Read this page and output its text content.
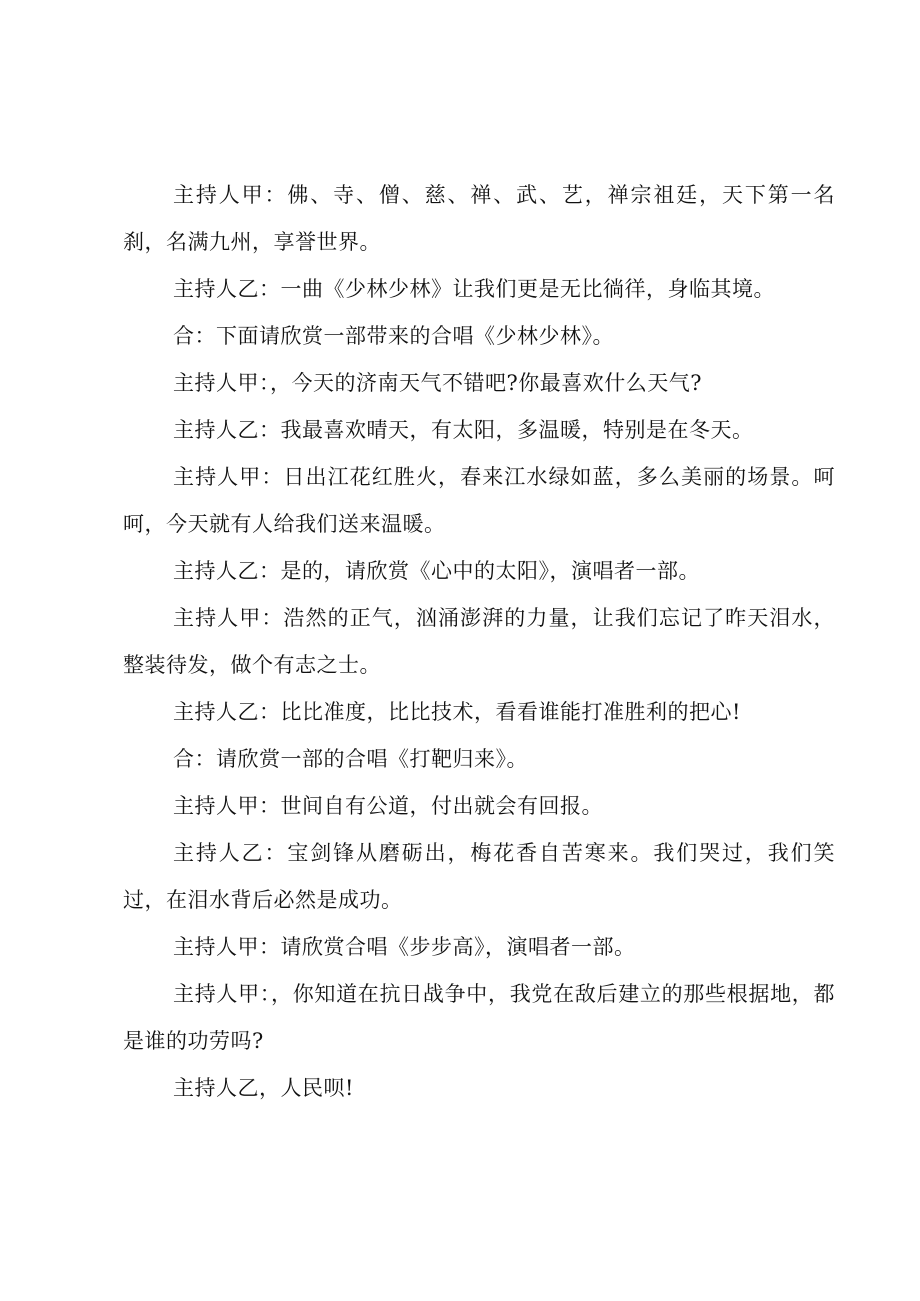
主持人甲：佛、寺、僧、慈、禅、武、艺，禅宗祖廷，天下第一名刹，名满九州，享誉世界。

主持人乙：一曲《少林少林》让我们更是无比徜徉，身临其境。

合：下面请欣赏一部带来的合唱《少林少林》。

主持人甲：，今天的济南天气不错吧?你最喜欢什么天气?

主持人乙：我最喜欢晴天，有太阳，多温暖，特别是在冬天。

主持人甲：日出江花红胜火，春来江水绿如蓝，多么美丽的场景。呵呵，今天就有人给我们送来温暖。

主持人乙：是的，请欣赏《心中的太阳》，演唱者一部。

主持人甲：浩然的正气，汹涌澎湃的力量，让我们忘记了昨天泪水，整装待发，做个有志之士。

主持人乙：比比准度，比比技术，看看谁能打准胜利的把心!

合：请欣赏一部的合唱《打靶归来》。

主持人甲：世间自有公道，付出就会有回报。

主持人乙：宝剑锋从磨砺出，梅花香自苦寒来。我们哭过，我们笑过，在泪水背后必然是成功。

主持人甲：请欣赏合唱《步步高》，演唱者一部。

主持人甲：，你知道在抗日战争中，我党在敌后建立的那些根据地，都是谁的功劳吗?

主持人乙，人民呗!
